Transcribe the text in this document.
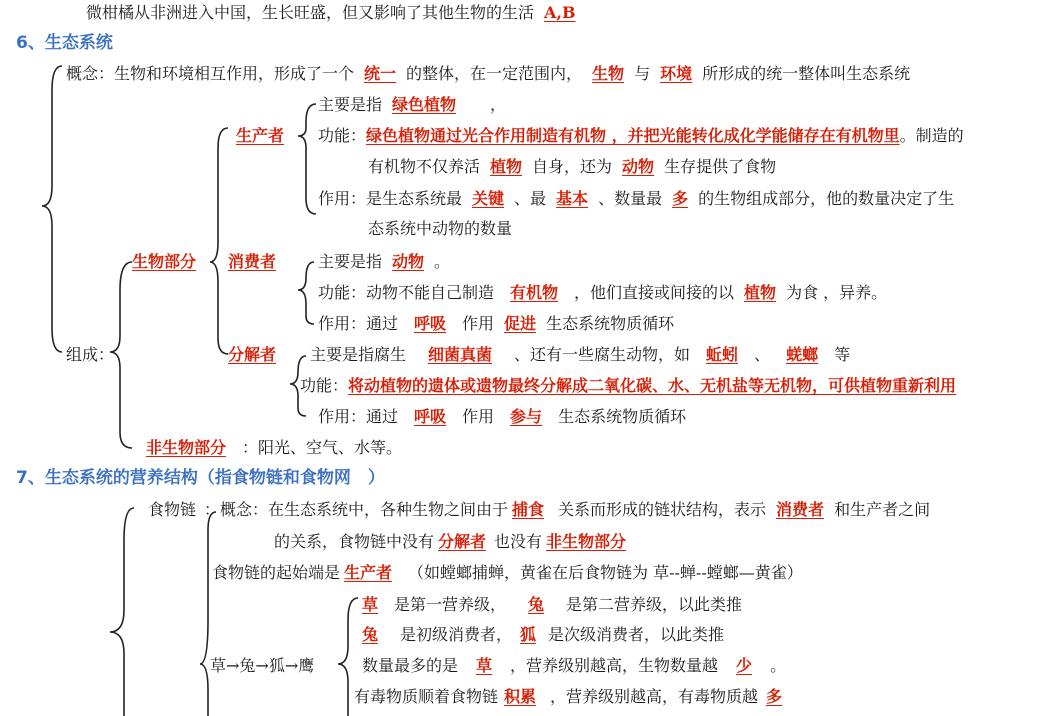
微柑橘从非洲进入中国，生长旺盛，但又影响了其他生物的生活 A,B
6、生态系统
概念：生物和环境相互作用，形成了一个 统一 的整体，在一定范围内， 生物 与 环境 所形成的统一整体叫生态系统
主要是指 绿色植物 ，
生产者	功能：绿色植物通过光合作用制造有机物 ，并把光能转化成化学能储存在有机物里。制造的
有机物不仅养活 植物 自身，还为 动物 生存提供了食物
作用：是生态系统最 关键 、最 基本 、数量最 多 的生物组成部分，他的数量决定了生
态系统中动物的数量
生物部分	消费者	主要是指 动物 。
功能：动物不能自己制造 有机物 ，他们直接或间接的以 植物 为食 ，异养。
作用：通过 呼吸 作用 促进 生态系统物质循环
组成：	分解者	主要是指腐生 细菌真菌 、还有一些腐生动物，如 蚯蚓 、 蜣螂 等
功能：将动植物的遗体或遗物最终分解成二氧化碳、水、无机盐等无机物，可供植物重新利用
作用：通过 呼吸 作用 参与 生态系统物质循环
非生物部分 ：阳光、空气、水等。
7、生态系统的营养结构（指食物链和食物网　）
食物链 ：概念：在生态系统中，各种生物之间由于 捕食 关系而形成的链状结构，表示 消费者 和生产者之间
的关系，食物链中没有 分解者 也没有 非生物部分
食物链的起始端是 生产者 （如螳螂捕蝉，黄雀在后食物链为 草--蝉--螳螂—黄雀）
草 是第一营养级， 兔 是第二营养级，以此类推
兔 是初级消费者， 狐 是次级消费者，以此类推
草→兔→狐→鹰	数量最多的是 草 ，营养级别越高，生物数量越 少 。
有毒物质顺着食物链 积累 ，营养级别越高，有毒物质越 多
